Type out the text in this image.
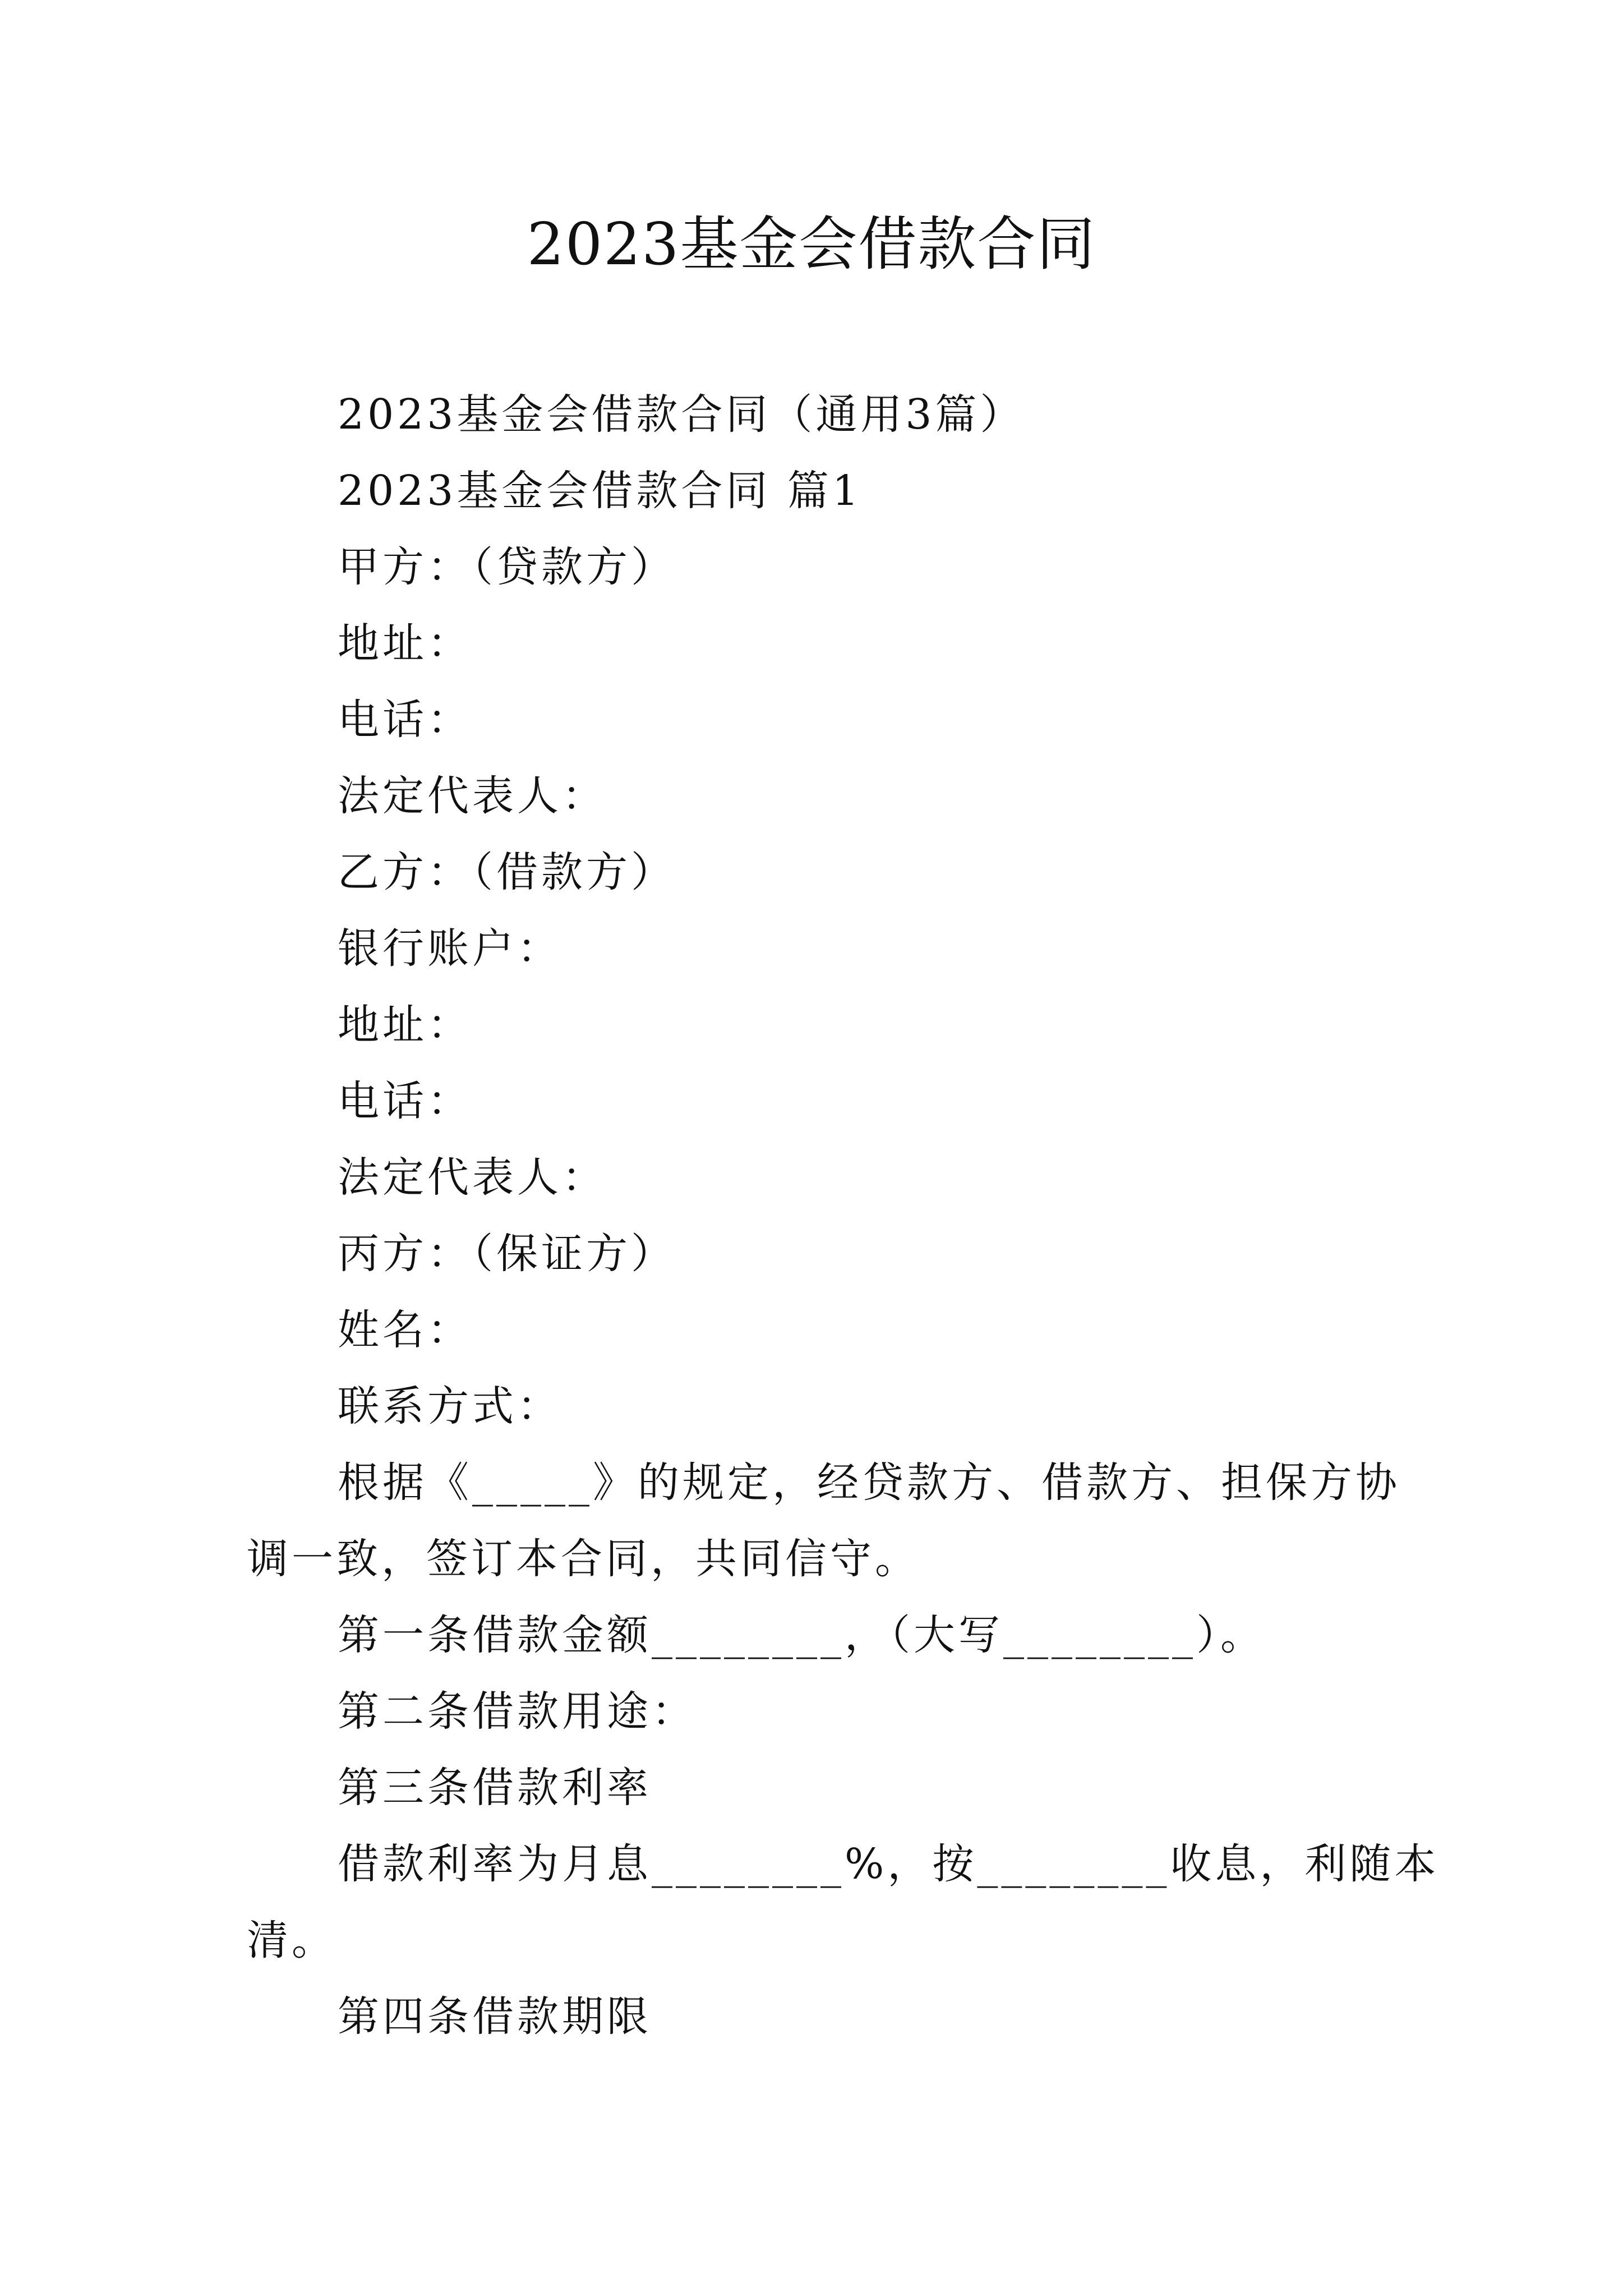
2023基金会借款合同
2023基金会借款合同（通用3篇）
2023基金会借款合同 篇1
甲方：（贷款方）
地址：
电话：
法定代表人：
乙方：（借款方）
银行账户：
地址：
电话：
法定代表人：
丙方：（保证方）
姓名：
联系方式：
根据《_____》的规定，经贷款方、借款方、担保方协
调一致，签订本合同，共同信守。
第一条借款金额________，（大写________）。
第二条借款用途：
第三条借款利率
借款利率为月息________%，按________收息，利随本
清。
第四条借款期限
